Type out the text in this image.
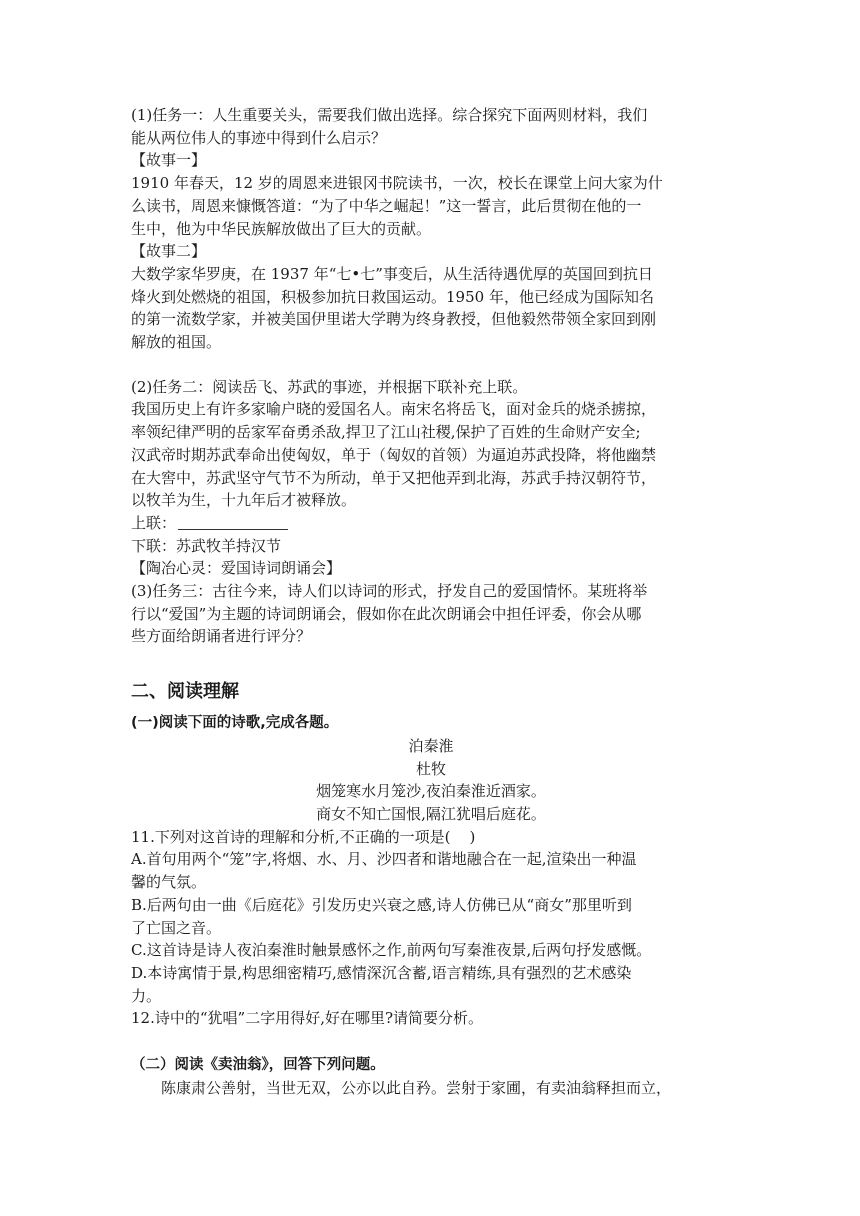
(1)任务一：人生重要关头，需要我们做出选择。综合探究下面两则材料，我们
能从两位伟人的事迹中得到什么启示？
【故事一】
1910 年春天，12 岁的周恩来进银冈书院读书，一次，校长在课堂上问大家为什
么读书，周恩来慷慨答道：“为了中华之崛起！”这一誓言，此后贯彻在他的一
生中，他为中华民族解放做出了巨大的贡献。
【故事二】
大数学家华罗庚，在 1937 年“七•七”事变后，从生活待遇优厚的英国回到抗日
烽火到处燃烧的祖国，积极参加抗日救国运动。1950 年，他已经成为国际知名
的第一流数学家，并被美国伊里诺大学聘为终身教授，但他毅然带领全家回到刚
解放的祖国。
(2)任务二：阅读岳飞、苏武的事迹，并根据下联补充上联。
我国历史上有许多家喻户晓的爱国名人。南宋名将岳飞，面对金兵的烧杀掳掠，
率领纪律严明的岳家军奋勇杀敌,捍卫了江山社稷,保护了百姓的生命财产安全;
汉武帝时期苏武奉命出使匈奴，单于（匈奴的首领）为逼迫苏武投降，将他幽禁
在大窖中，苏武坚守气节不为所动，单于又把他弄到北海，苏武手持汉朝符节，
以牧羊为生，十九年后才被释放。
上联：
下联：苏武牧羊持汉节
【陶冶心灵：爱国诗词朗诵会】
(3)任务三：古往今来，诗人们以诗词的形式，抒发自己的爱国情怀。某班将举
行以“爱国”为主题的诗词朗诵会，假如你在此次朗诵会中担任评委，你会从哪
些方面给朗诵者进行评分？
二、阅读理解
(一)阅读下面的诗歌,完成各题。
泊秦淮
杜牧
烟笼寒水月笼沙,夜泊秦淮近酒家。
商女不知亡国恨,隔江犹唱后庭花。
11.下列对这首诗的理解和分析,不正确的一项是(    )
A.首句用两个“笼”字,将烟、水、月、沙四者和谐地融合在一起,渲染出一种温
馨的气氛。
B.后两句由一曲《后庭花》引发历史兴衰之感,诗人仿佛已从“商女”那里听到
了亡国之音。
C.这首诗是诗人夜泊秦淮时触景感怀之作,前两句写秦淮夜景,后两句抒发感慨。
D.本诗寓情于景,构思细密精巧,感情深沉含蓄,语言精练,具有强烈的艺术感染
力。
12.诗中的“犹唱”二字用得好,好在哪里?请简要分析。
（二）阅读《卖油翁》，回答下列问题。
陈康肃公善射，当世无双，公亦以此自矜。尝射于家圃，有卖油翁释担而立，
